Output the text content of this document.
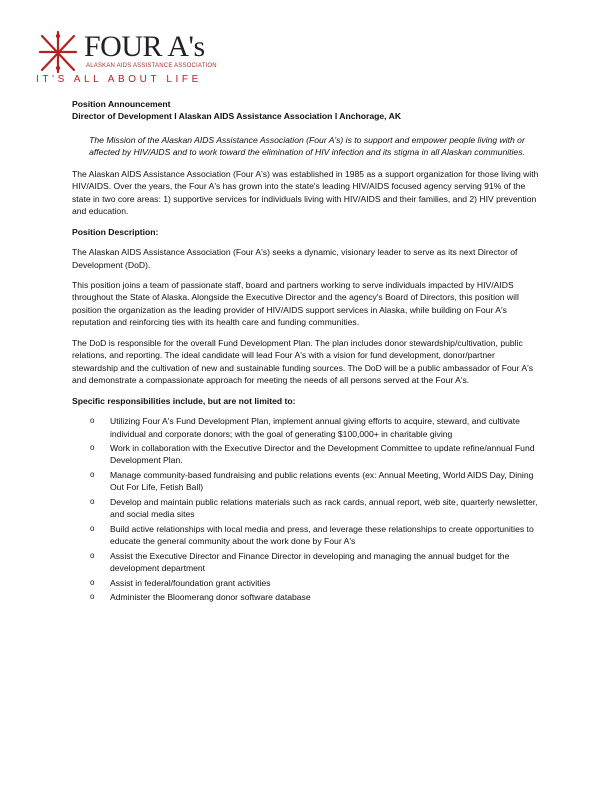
FOUR A's
ALASKAN AIDS ASSISTANCE ASSOCIATION
IT'S ALL ABOUT LIFE
Position Announcement
Director of Development I Alaskan AIDS Assistance Association I Anchorage, AK
The Mission of the Alaskan AIDS Assistance Association (Four A's) is to support and empower people living with or affected by HIV/AIDS and to work toward the elimination of HIV infection and its stigma in all Alaskan communities.

The Alaskan AIDS Assistance Association (Four A's) was established in 1985 as a support organization for those living with HIV/AIDS. Over the years, the Four A's has grown into the state's leading HIV/AIDS focused agency serving 91% of the state in two core areas: 1) supportive services for individuals living with HIV/AIDS and their families, and 2) HIV prevention and education.

Position Description:

The Alaskan AIDS Assistance Association (Four A's) seeks a dynamic, visionary leader to serve as its next Director of Development (DoD).

This position joins a team of passionate staff, board and partners working to serve individuals impacted by HIV/AIDS throughout the State of Alaska. Alongside the Executive Director and the agency's Board of Directors, this position will position the organization as the leading provider of HIV/AIDS support services in Alaska, while building on Four A's reputation and reinforcing ties with its health care and funding communities.

The DoD is responsible for the overall Fund Development Plan. The plan includes donor stewardship/cultivation, public relations, and reporting. The ideal candidate will lead Four A's with a vision for fund development, donor/partner stewardship and the cultivation of new and sustainable funding sources. The DoD will be a public ambassador of Four A's and demonstrate a compassionate approach for meeting the needs of all persons served at the Four A's.

Specific responsibilities include, but are not limited to:
o Utilizing Four A's Fund Development Plan, implement annual giving efforts to acquire, steward, and cultivate individual and corporate donors; with the goal of generating $100,000+ in charitable giving
o Work in collaboration with the Executive Director and the Development Committee to update refine/annual Fund Development Plan.
o Manage community-based fundraising and public relations events (ex: Annual Meeting, World AIDS Day, Dining Out For Life, Fetish Ball)
o Develop and maintain public relations materials such as rack cards, annual report, web site, quarterly newsletter, and social media sites
o Build active relationships with local media and press, and leverage these relationships to create opportunities to educate the general community about the work done by Four A's
o Assist the Executive Director and Finance Director in developing and managing the annual budget for the development department
o Assist in federal/foundation grant activities
o Administer the Bloomerang donor software database
